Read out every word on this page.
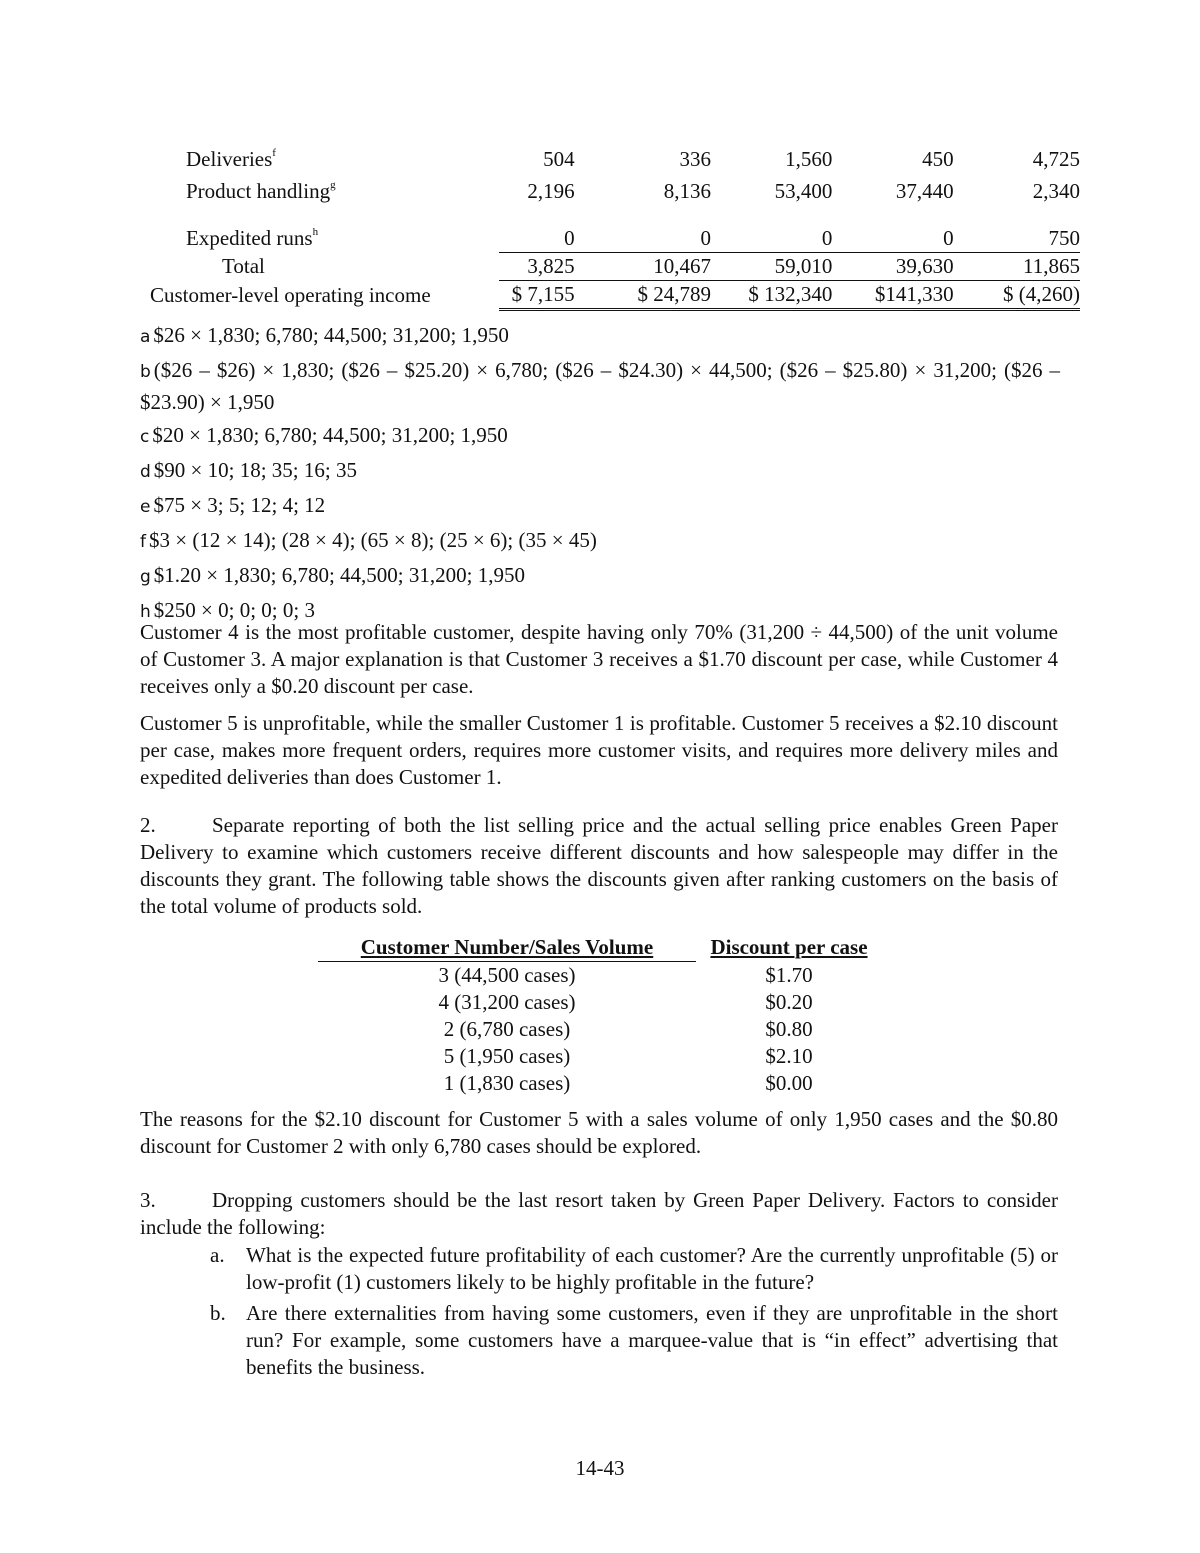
Deliveries$^f$	504	336	1,560	450	4,725
Product handling$^g$	2,196	8,136	53,400	37,440	2,340

Expedited runs$^h$	0	0	0	0	750
Total	3,825	10,467	59,010	39,630	11,865
Customer-level operating income	$ 7,155	$ 24,789	$ 132,340	$141,330	$ (4,260)

a $26 × 1,830; 6,780; 44,500; 31,200; 1,950

b ($26 – $26) × 1,830; ($26 – $25.20) × 6,780; ($26 – $24.30) × 44,500; ($26 – $25.80) × 31,200; ($26 – $23.90) × 1,950

c $20 × 1,830; 6,780; 44,500; 31,200; 1,950

d $90 × 10; 18; 35; 16; 35

e $75 × 3; 5; 12; 4; 12

f $3 × (12 × 14); (28 × 4); (65 × 8); (25 × 6); (35 × 45)

g $1.20 × 1,830; 6,780; 44,500; 31,200; 1,950

h $250 × 0; 0; 0; 0; 3

Customer 4 is the most profitable customer, despite having only 70% (31,200 ÷ 44,500) of the unit volume of Customer 3. A major explanation is that Customer 3 receives a $1.70 discount per case, while Customer 4 receives only a $0.20 discount per case.

Customer 5 is unprofitable, while the smaller Customer 1 is profitable. Customer 5 receives a $2.10 discount per case, makes more frequent orders, requires more customer visits, and requires more delivery miles and expedited deliveries than does Customer 1.

2.	Separate reporting of both the list selling price and the actual selling price enables Green Paper Delivery to examine which customers receive different discounts and how salespeople may differ in the discounts they grant. The following table shows the discounts given after ranking customers on the basis of the total volume of products sold.

Customer Number/Sales Volume	Discount per case
3 (44,500 cases)	$1.70
4 (31,200 cases)	$0.20
2 (6,780 cases)	$0.80
5 (1,950 cases)	$2.10
1 (1,830 cases)	$0.00

The reasons for the $2.10 discount for Customer 5 with a sales volume of only 1,950 cases and the $0.80 discount for Customer 2 with only 6,780 cases should be explored.

3.	Dropping customers should be the last resort taken by Green Paper Delivery. Factors to consider include the following:

a.	What is the expected future profitability of each customer? Are the currently unprofitable (5) or low-profit (1) customers likely to be highly profitable in the future?
b. Are there externalities from having some customers, even if they are unprofitable in the short run? For example, some customers have a marquee-value that is “in effect” advertising that benefits the business.
14-43
